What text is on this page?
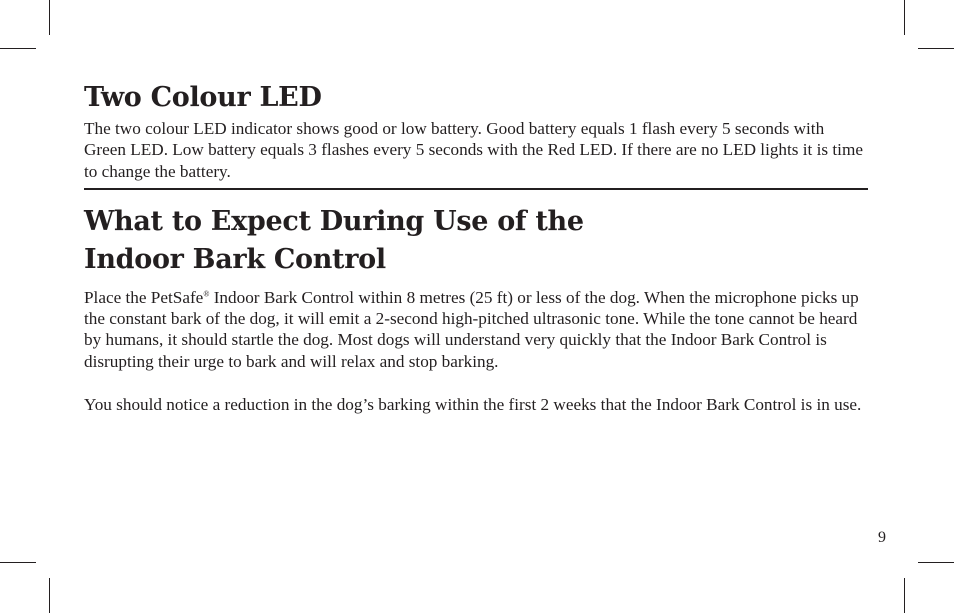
Two Colour LED

The two colour LED indicator shows good or low battery. Good battery equals 1 flash every 5 seconds with Green LED. Low battery equals 3 flashes every 5 seconds with the Red LED. If there are no LED lights it is time to change the battery.

What to Expect During Use of the
Indoor Bark Control

Place the PetSafe® Indoor Bark Control within 8 metres (25 ft) or less of the dog. When the microphone picks up the constant bark of the dog, it will emit a 2-second high-pitched ultrasonic tone. While the tone cannot be heard by humans, it should startle the dog. Most dogs will understand very quickly that the Indoor Bark Control is disrupting their urge to bark and will relax and stop barking.

You should notice a reduction in the dog’s barking within the first 2 weeks that the Indoor Bark Control is in use.

9
